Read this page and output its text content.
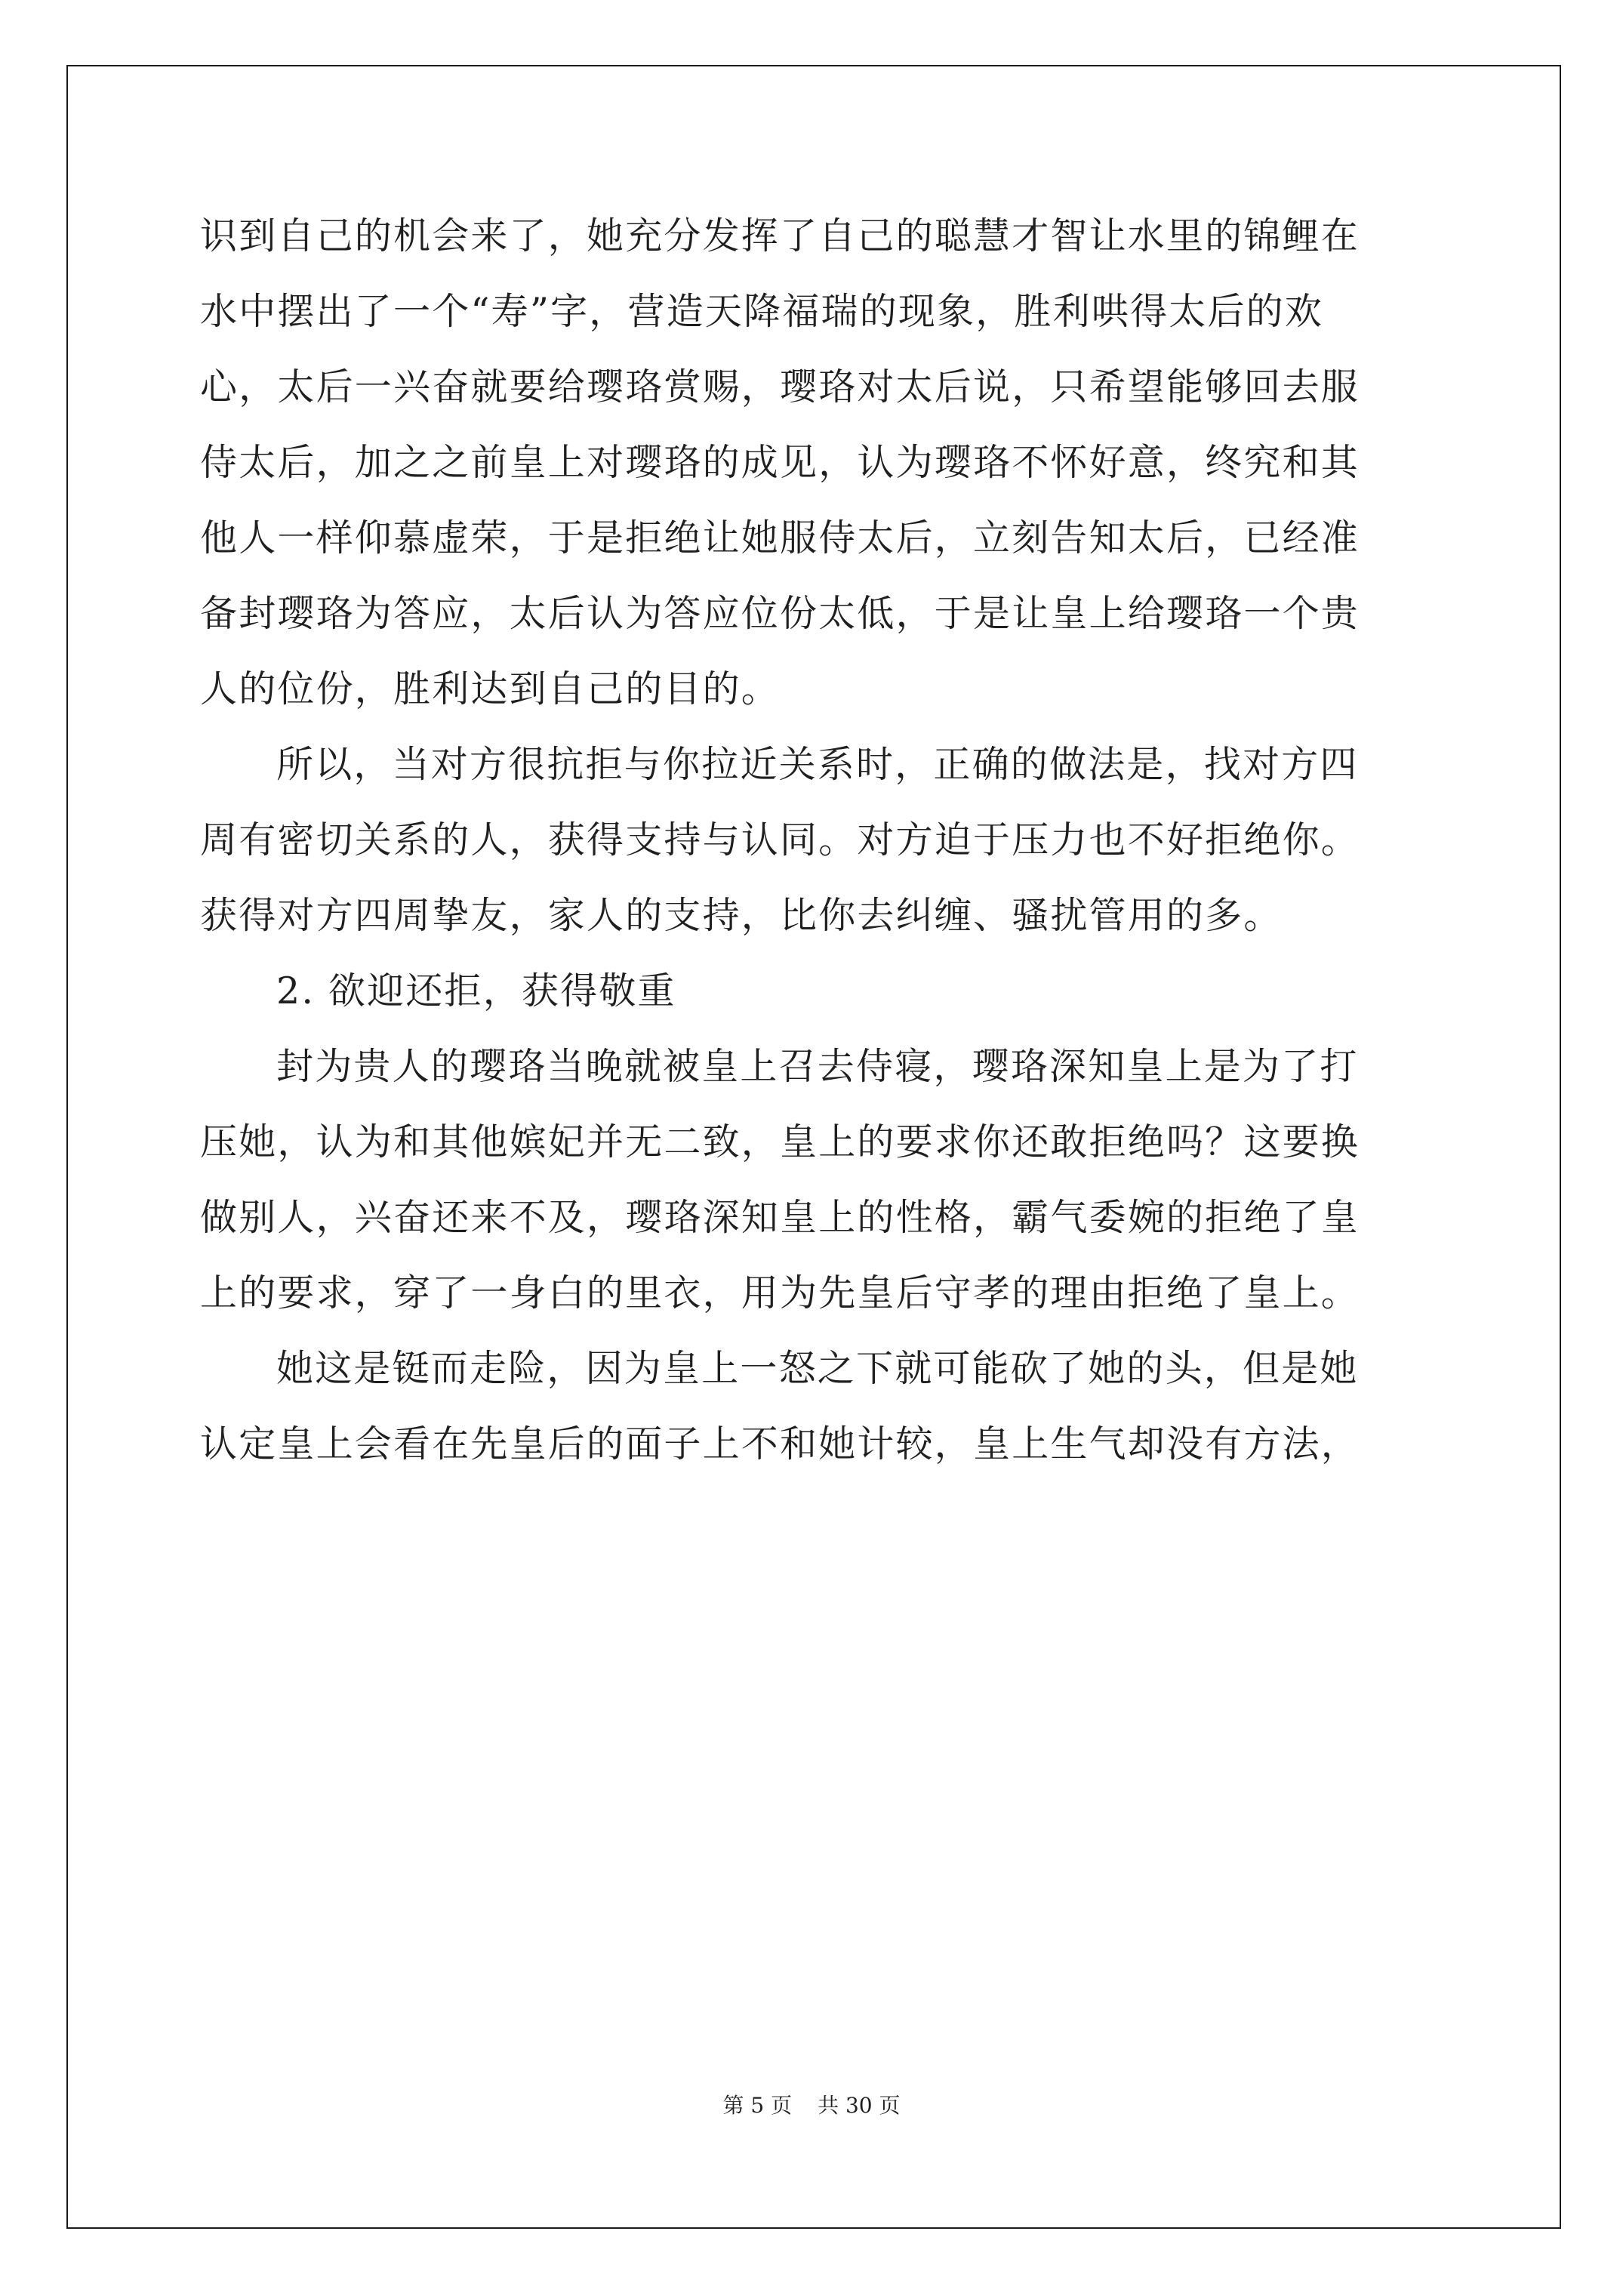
识到自己的机会来了，她充分发挥了自己的聪慧才智让水里的锦鲤在

水中摆出了一个“寿”字，营造天降福瑞的现象，胜利哄得太后的欢

心，太后一兴奋就要给璎珞赏赐，璎珞对太后说，只希望能够回去服

侍太后，加之之前皇上对璎珞的成见，认为璎珞不怀好意，终究和其

他人一样仰慕虚荣，于是拒绝让她服侍太后，立刻告知太后，已经准

备封璎珞为答应，太后认为答应位份太低，于是让皇上给璎珞一个贵

人的位份，胜利达到自己的目的。

所以，当对方很抗拒与你拉近关系时，正确的做法是，找对方四

周有密切关系的人，获得支持与认同。对方迫于压力也不好拒绝你。

获得对方四周挚友，家人的支持，比你去纠缠、骚扰管用的多。

2. 欲迎还拒，获得敬重

封为贵人的璎珞当晚就被皇上召去侍寝，璎珞深知皇上是为了打

压她，认为和其他嫔妃并无二致，皇上的要求你还敢拒绝吗？这要换

做别人，兴奋还来不及，璎珞深知皇上的性格，霸气委婉的拒绝了皇

上的要求，穿了一身白的里衣，用为先皇后守孝的理由拒绝了皇上。

她这是铤而走险，因为皇上一怒之下就可能砍了她的头，但是她

认定皇上会看在先皇后的面子上不和她计较，皇上生气却没有方法，

第 5 页 共 30 页
